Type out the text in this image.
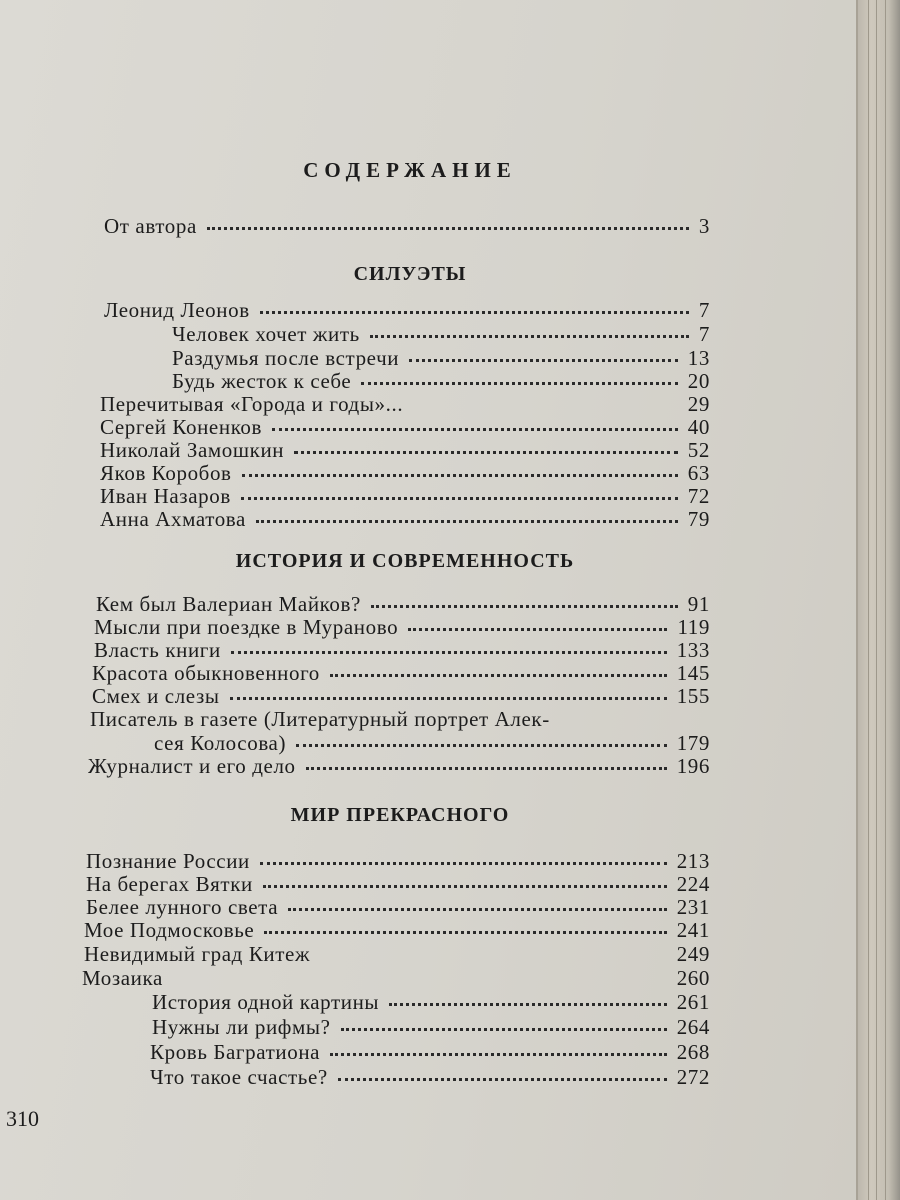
СОДЕРЖАНИЕ
От автора	3
СИЛУЭТЫ
Леонид Леонов	7
Человек хочет жить	7
Раздумья после встречи	13
Будь жесток к себе	20
Перечитывая «Города и годы»...	29
Сергей Коненков	40
Николай Замошкин	52
Яков Коробов	63
Иван Назаров	72
Анна Ахматова	79
ИСТОРИЯ И СОВРЕМЕННОСТЬ
Кем был Валериан Майков?	91
Мысли при поездке в Мураново	119
Власть книги	133
Красота обыкновенного	145
Смех и слезы	155
Писатель в газете (Литературный портрет Алек-
сея Колосова)	179
Журналист и его дело	196
МИР ПРЕКРАСНОГО
Познание России	213
На берегах Вятки	224
Белее лунного света	231
Мое Подмосковье	241
Невидимый град Китеж	249
Мозаика	260
История одной картины	261
Нужны ли рифмы?	264
Кровь Багратиона	268
Что такое счастье?	272
310
